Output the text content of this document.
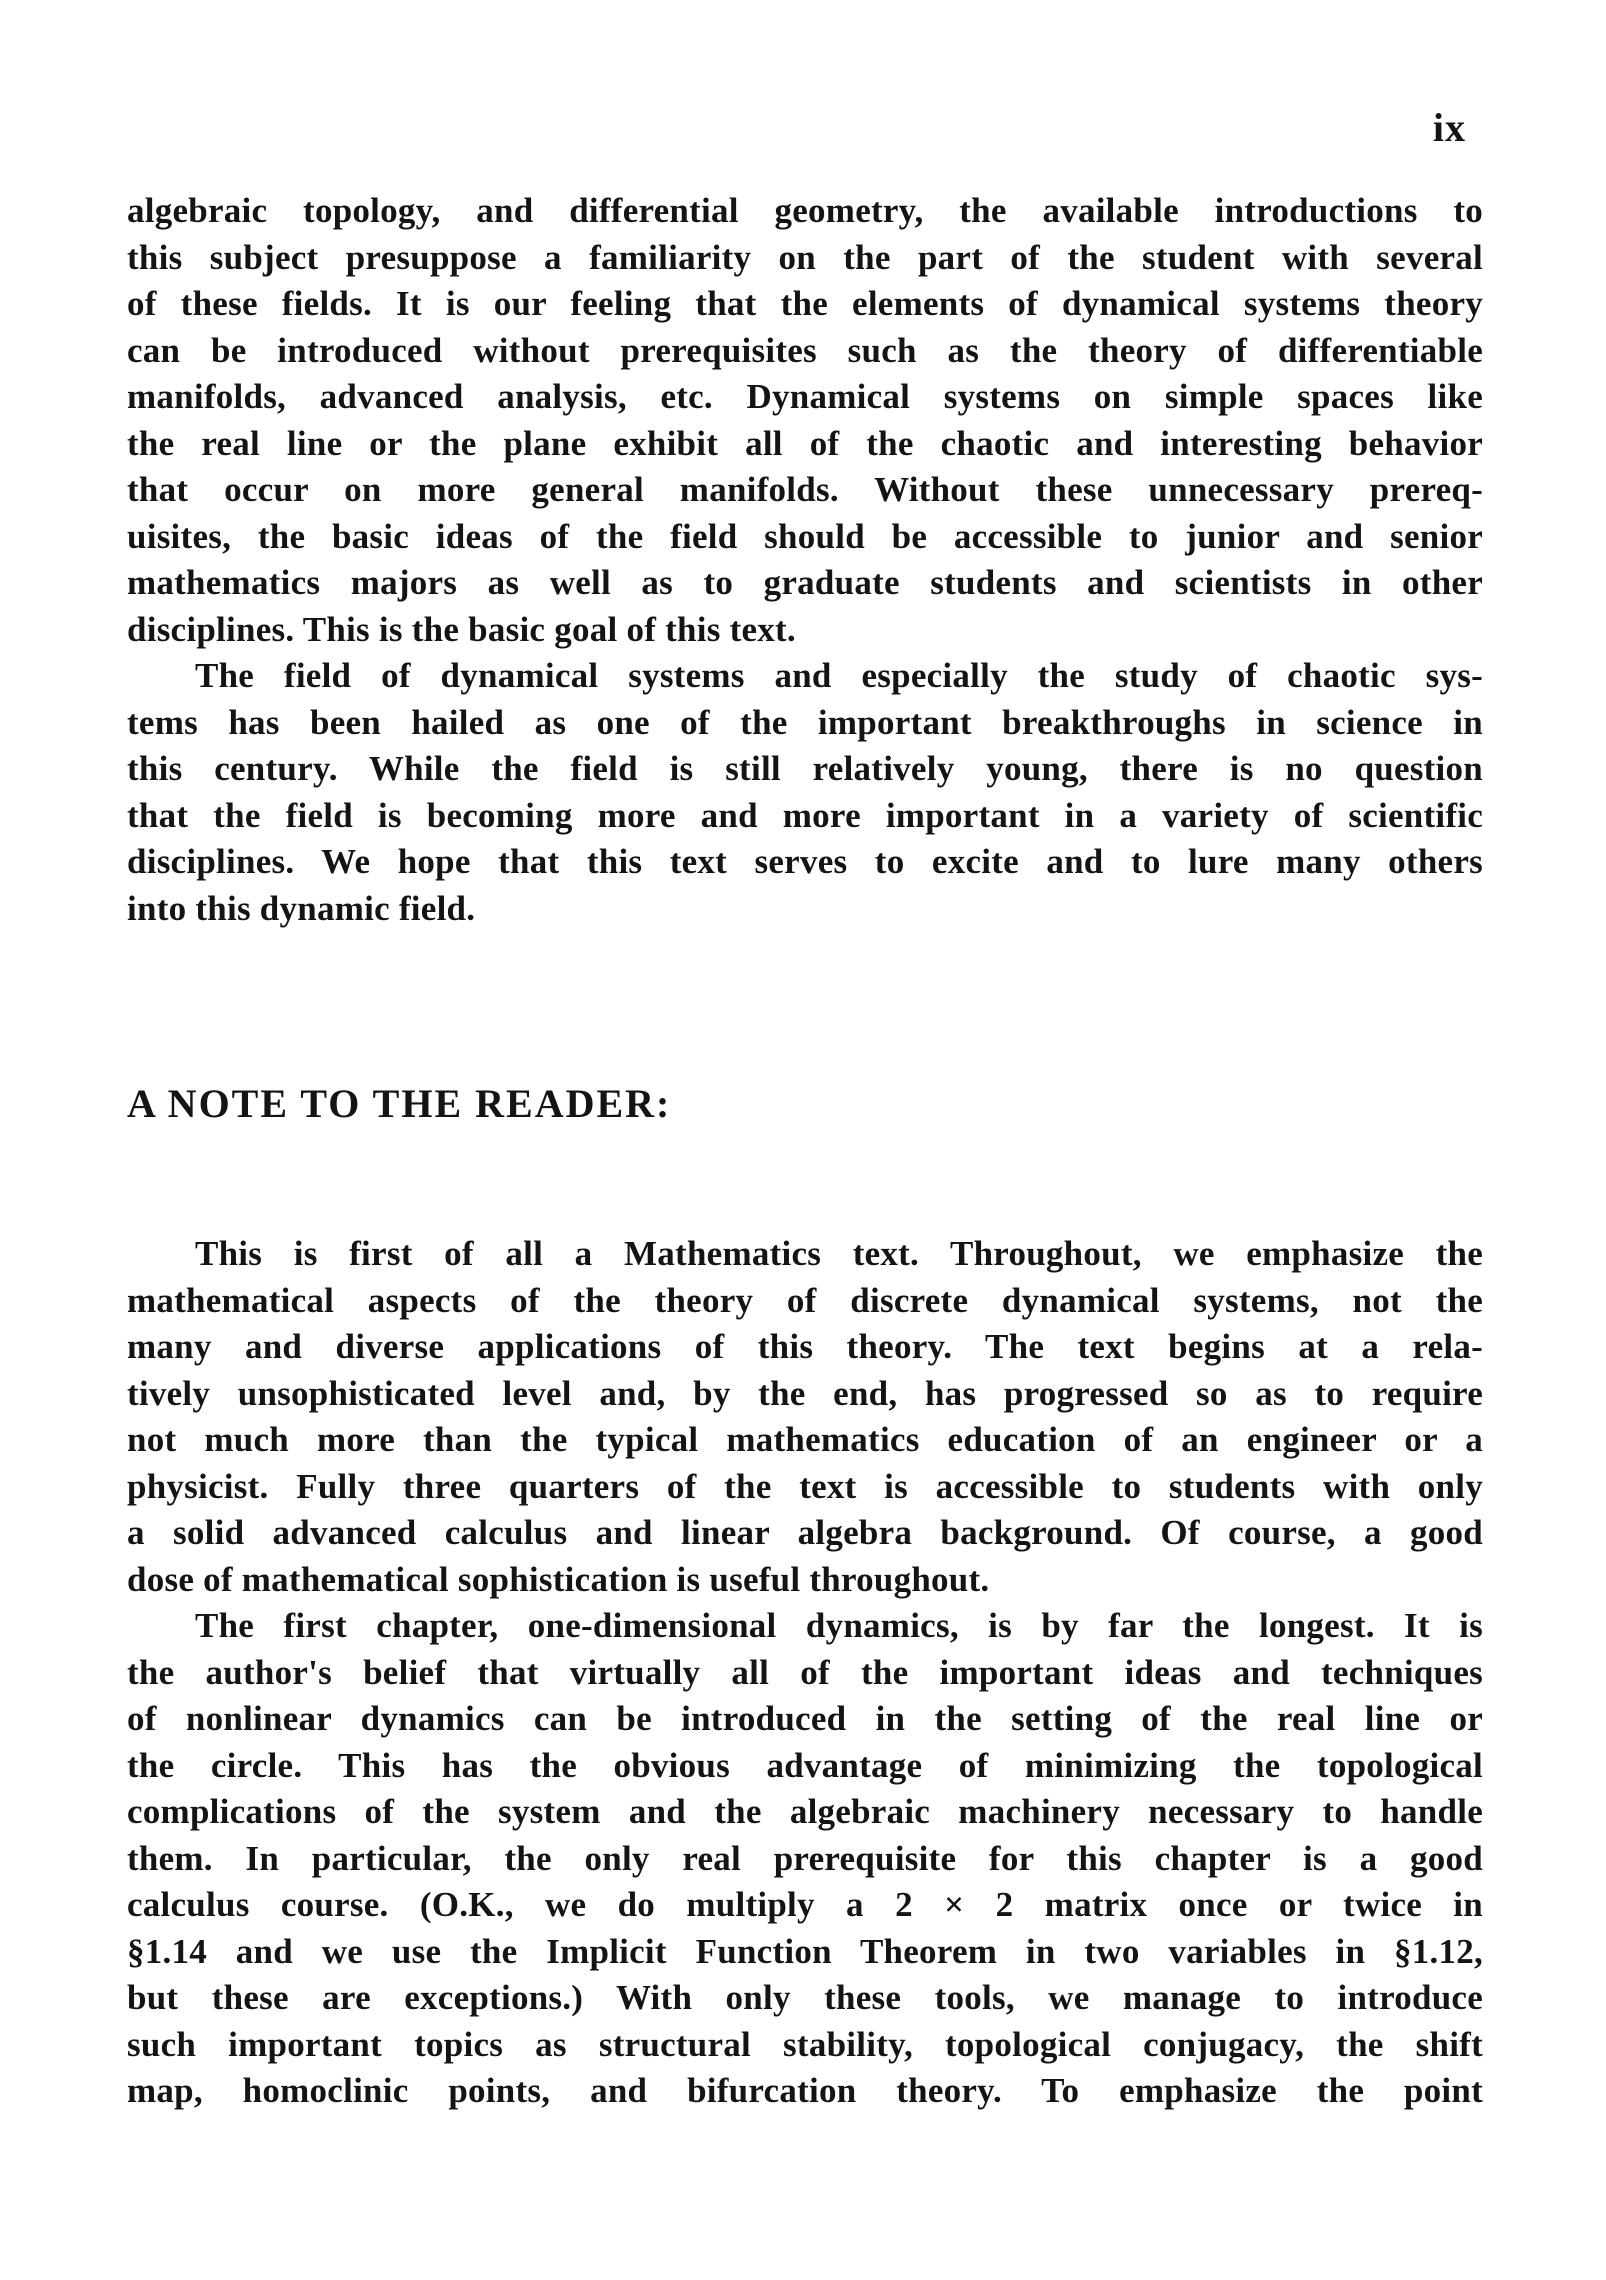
ix
algebraic topology, and differential geometry, the available introductions to
this subject presuppose a familiarity on the part of the student with several
of these fields. It is our feeling that the elements of dynamical systems theory
can be introduced without prerequisites such as the theory of differentiable
manifolds, advanced analysis, etc. Dynamical systems on simple spaces like
the real line or the plane exhibit all of the chaotic and interesting behavior
that occur on more general manifolds. Without these unnecessary prereq-
uisites, the basic ideas of the field should be accessible to junior and senior
mathematics majors as well as to graduate students and scientists in other
disciplines. This is the basic goal of this text.
The field of dynamical systems and especially the study of chaotic sys-
tems has been hailed as one of the important breakthroughs in science in
this century. While the field is still relatively young, there is no question
that the field is becoming more and more important in a variety of scientific
disciplines. We hope that this text serves to excite and to lure many others
into this dynamic field.
A NOTE TO THE READER:
This is first of all a Mathematics text. Throughout, we emphasize the
mathematical aspects of the theory of discrete dynamical systems, not the
many and diverse applications of this theory. The text begins at a rela-
tively unsophisticated level and, by the end, has progressed so as to require
not much more than the typical mathematics education of an engineer or a
physicist. Fully three quarters of the text is accessible to students with only
a solid advanced calculus and linear algebra background. Of course, a good
dose of mathematical sophistication is useful throughout.
The first chapter, one-dimensional dynamics, is by far the longest. It is
the author's belief that virtually all of the important ideas and techniques
of nonlinear dynamics can be introduced in the setting of the real line or
the circle. This has the obvious advantage of minimizing the topological
complications of the system and the algebraic machinery necessary to handle
them. In particular, the only real prerequisite for this chapter is a good
calculus course. (O.K., we do multiply a 2 × 2 matrix once or twice in
§1.14 and we use the Implicit Function Theorem in two variables in §1.12,
but these are exceptions.) With only these tools, we manage to introduce
such important topics as structural stability, topological conjugacy, the shift
map, homoclinic points, and bifurcation theory. To emphasize the point
